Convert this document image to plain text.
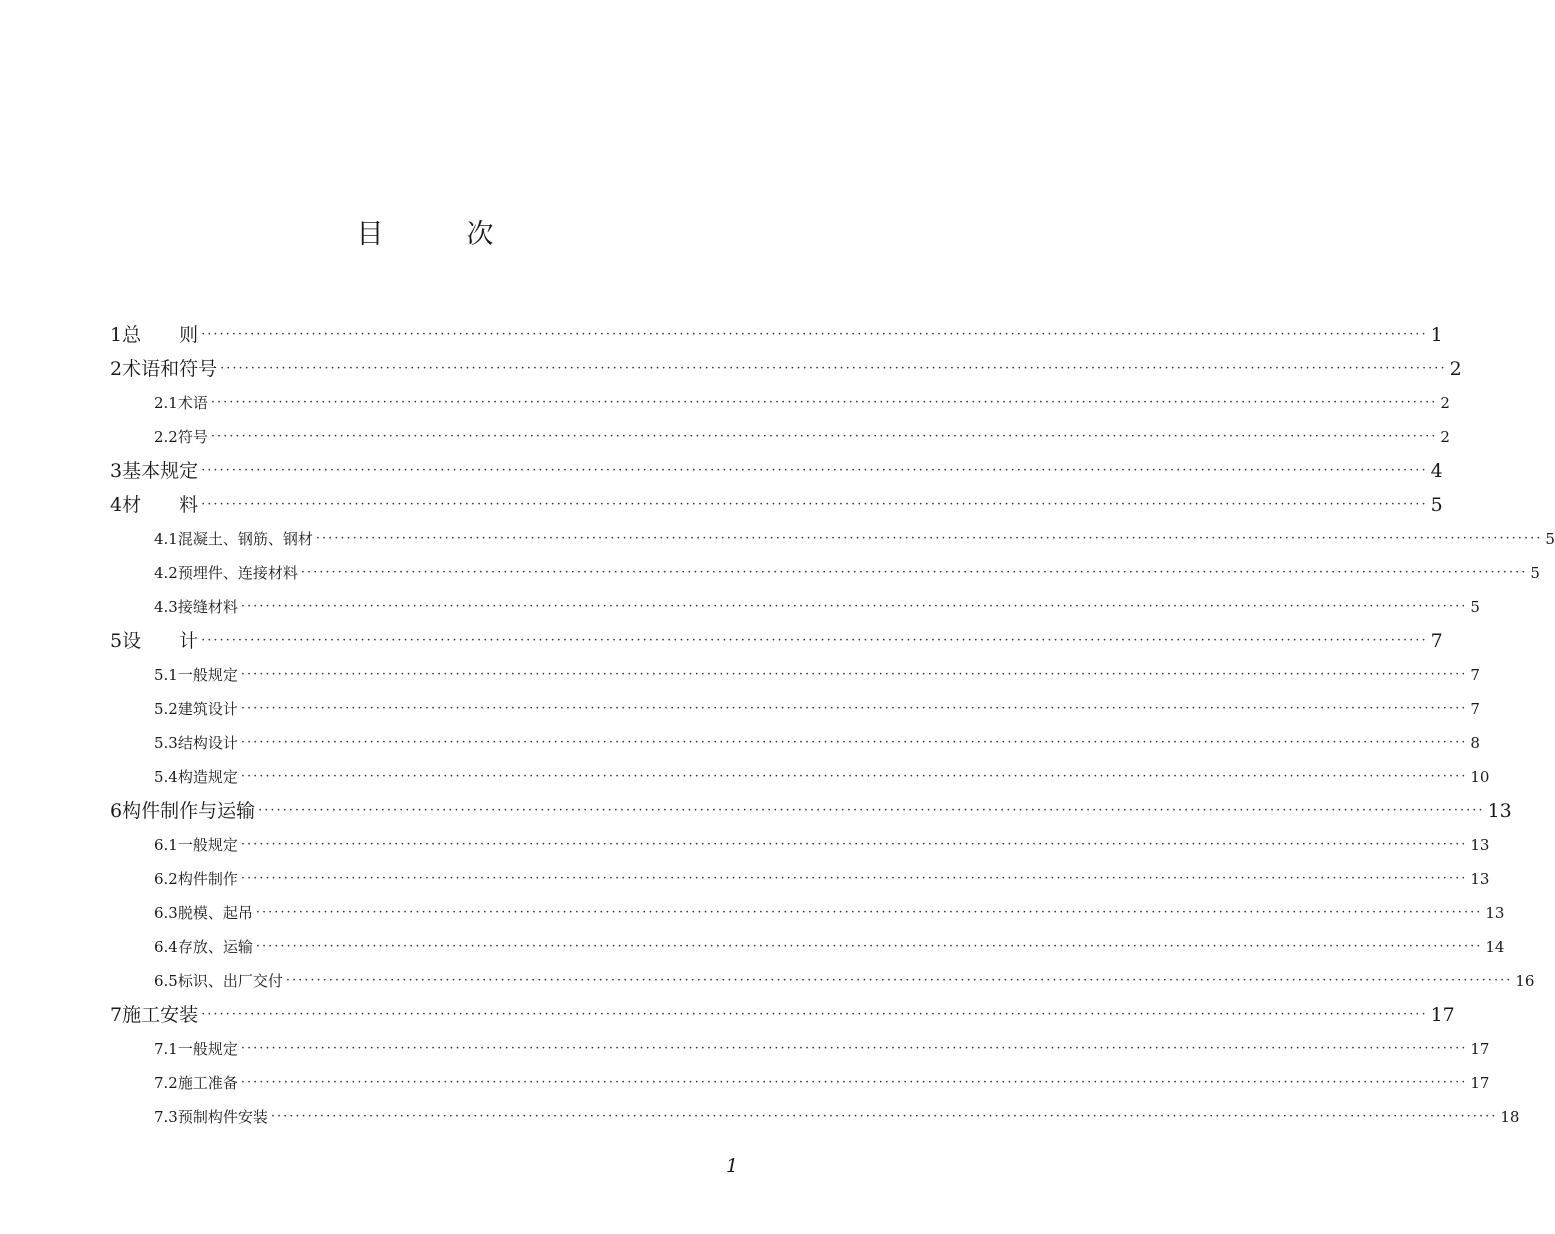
目　次
1 总　　则 ········································································································································································································ 1
2 术语和符号 ········································································································································································································ 2
2.1 术语 ········································································································································································································ 2
2.2 符号 ········································································································································································································ 2
3 基本规定 ········································································································································································································ 4
4 材　　料 ········································································································································································································ 5
4.1 混凝土、钢筋、钢材 ········································································································································································································ 5
4.2 预埋件、连接材料 ········································································································································································································ 5
4.3 接缝材料 ········································································································································································································ 5
5 设　　计 ········································································································································································································ 7
5.1 一般规定 ········································································································································································································ 7
5.2 建筑设计 ········································································································································································································ 7
5.3 结构设计 ········································································································································································································ 8
5.4 构造规定 ········································································································································································································ 10
6 构件制作与运输 ········································································································································································································ 13
6.1 一般规定 ········································································································································································································ 13
6.2 构件制作 ········································································································································································································ 13
6.3 脱模、起吊 ········································································································································································································ 13
6.4 存放、运输 ········································································································································································································ 14
6.5 标识、出厂交付 ········································································································································································································ 16
7 施工安装 ········································································································································································································ 17
7.1 一般规定 ········································································································································································································ 17
7.2 施工准备 ········································································································································································································ 17
7.3 预制构件安装 ········································································································································································································ 18
1
